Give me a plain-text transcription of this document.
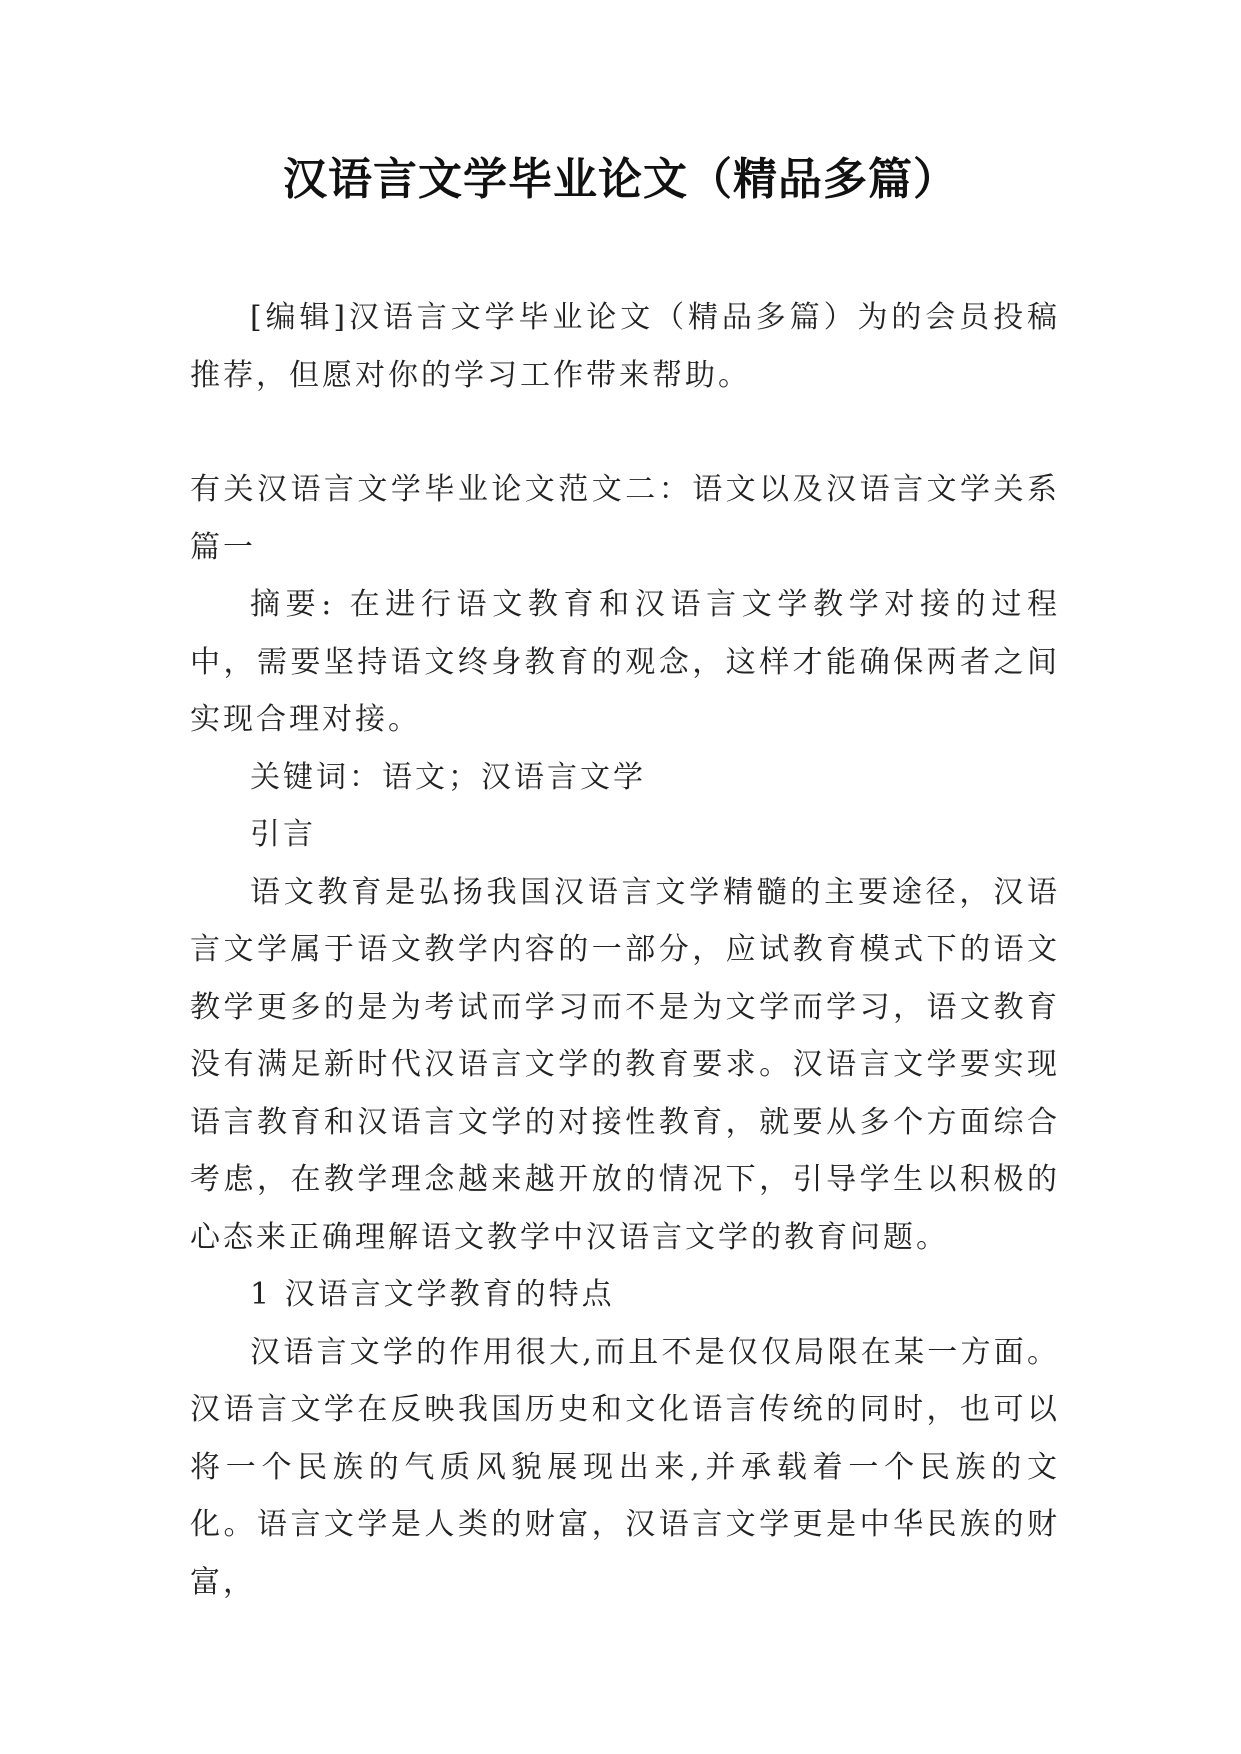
汉语言文学毕业论文（精品多篇）

[编辑]汉语言文学毕业论文（精品多篇）为的会员投稿推荐，但愿对你的学习工作带来帮助。

有关汉语言文学毕业论文范文二：语文以及汉语言文学关系篇一

摘要: 在进行语文教育和汉语言文学教学对接的过程中，需要坚持语文终身教育的观念，这样才能确保两者之间实现合理对接。

关键词：语文；汉语言文学

引言

语文教育是弘扬我国汉语言文学精髓的主要途径，汉语言文学属于语文教学内容的一部分，应试教育模式下的语文教学更多的是为考试而学习而不是为文学而学习，语文教育没有满足新时代汉语言文学的教育要求。汉语言文学要实现语言教育和汉语言文学的对接性教育，就要从多个方面综合考虑，在教学理念越来越开放的情况下，引导学生以积极的心态来正确理解语文教学中汉语言文学的教育问题。

1 汉语言文学教育的特点

汉语言文学的作用很大,而且不是仅仅局限在某一方面。汉语言文学在反映我国历史和文化语言传统的同时，也可以将一个民族的气质风貌展现出来,并承载着一个民族的文化。语言文学是人类的财富，汉语言文学更是中华民族的财富，
